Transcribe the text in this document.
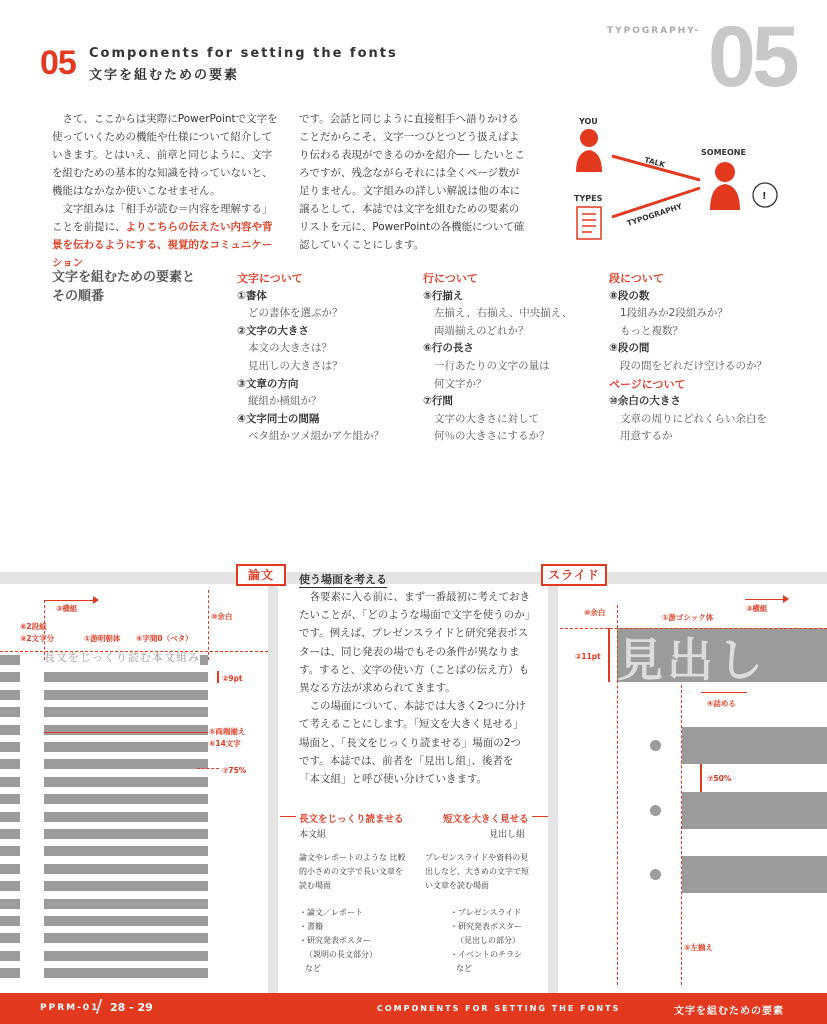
05 Components for setting the fonts
文字を組むための要素
TYPOGRAPHY- 05

さて、ここからは実際にPowerPointで文字を使っていくための機能や仕様について紹介していきます。とはいえ、前章と同じように、文字を組むための基本的な知識を持っていないと、機能はなかなか使いこなせません。

文字組みは「相手が読む＝内容を理解する」ことを前提に、よりこちらの伝えたい内容や背景を伝わるようにする、視覚的なコミュニケーション

です。会話と同じように直接相手へ語りかけることだからこそ、文字一つひとつどう扱えばより伝わる表現ができるのかを紹介── したいところですが、残念ながらそれには全くページ数が足りません。文字組みの詳しい解説は他の本に譲るとして、本誌では文字を組むための要素のリストを元に、PowerPointの各機能について確認していくことにします。
YOU
SOMEONE
!
TALK
TYPOGRAPHY
TYPES
文字を組むための要素と
その順番
文字について
①書体
どの書体を選ぶか？
②文字の大きさ
本文の大きさは？
見出しの大きさは？
③文章の方向
縦組か横組か？
④文字同士の間隔
ベタ組かツメ組かアケ組か？
行について
⑤行揃え
左揃え、右揃え、中央揃え、
両端揃えのどれか？
⑥行の長さ
一行あたりの文字の量は
何文字か？
⑦行間
文字の大きさに対して
何％の大きさにするか？
段について
⑧段の数
1段組みか2段組みか？
もっと複数？
⑨段の間
段の間をどれだけ空けるのか？
ページについて
⑩余白の大きさ
文章の周りにどれくらい余白を
用意するか
論文
長文をじっくり読む本文組み
③横組
⑧2段組
⑨2文字分	①游明朝体 ④字間0（ベタ）
⑩余白
②9pt
⑤両端揃え
⑥14文字
⑦75%
使う場面を考える

各要素に入る前に、まず一番最初に考えておきたいことが、「どのような場面で文字を使うのか」です。例えば、プレゼンスライドと研究発表ポスターは、同じ発表の場でもその条件が異なります。すると、文字の使い方（ことばの伝え方）も異なる方法が求められてきます。

この場面について、本誌では大きく2つに分けて考えることにします。「短文を大きく見せる」場面と、「長文をじっくり読ませる」場面の2つです。本誌では、前者を「見出し組」、後者を「本文組」と呼び使い分けていきます。

長文をじっくり読ませる
本文組
論文やレポートのような 比較的小さめの文字で長い文章を読む場面
・論文／レポート
・書籍
・研究発表ポスター
（説明の長文部分）
など
短文を大きく見せる
見出し組
プレゼンスライドや資料の見出しなど、大きめの文字で短い文章を読む場面
・プレゼンスライド
・研究発表ポスター
（見出しの部分）
・イベントのチラシ
など
スライド
見出し
⑩余白
①游ゴシック体
③横組
②11pt
④詰める
⑦50%
⑤左揃え
PPRM-01
/ 28 - 29	COMPONENTS FOR SETTING THE FONTS	文字を組むための要素
